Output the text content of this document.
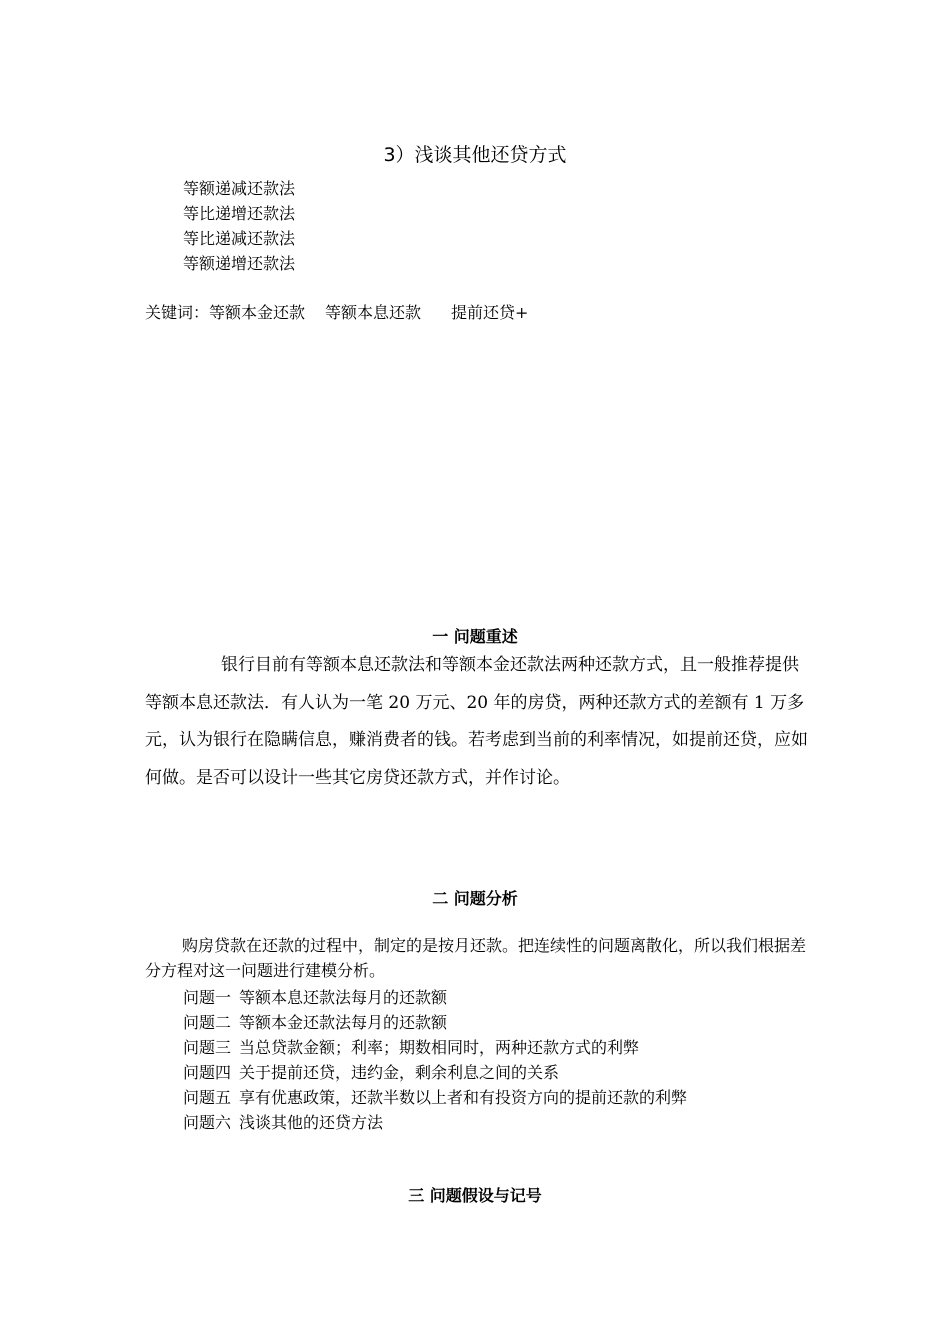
3）浅谈其他还贷方式
等额递减还款法
等比递增还款法
等比递减还款法
等额递增还款法
关键词：等额本金还款 等额本息还款 提前还贷+
一 问题重述
银行目前有等额本息还款法和等额本金还款法两种还款方式，且一般推荐提供等额本息还款法．有人认为一笔 20 万元、20 年的房贷，两种还款方式的差额有 1 万多元，认为银行在隐瞒信息，赚消费者的钱。若考虑到当前的利率情况，如提前还贷，应如何做。是否可以设计一些其它房贷还款方式，并作讨论。
二 问题分析
购房贷款在还款的过程中，制定的是按月还款。把连续性的问题离散化，所以我们根据差分方程对这一问题进行建模分析。
问题一 等额本息还款法每月的还款额
问题二 等额本金还款法每月的还款额
问题三 当总贷款金额；利率；期数相同时，两种还款方式的利弊
问题四 关于提前还贷，违约金，剩余利息之间的关系
问题五 享有优惠政策，还款半数以上者和有投资方向的提前还款的利弊
问题六 浅谈其他的还贷方法
三 问题假设与记号
